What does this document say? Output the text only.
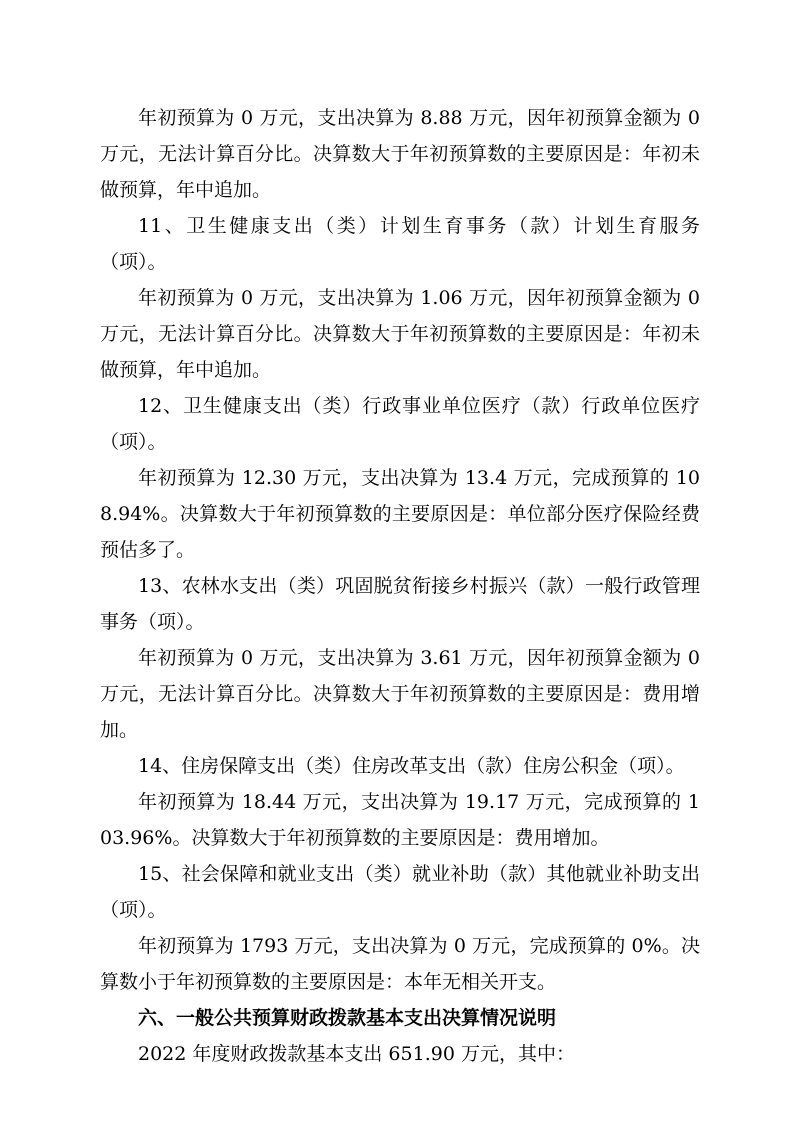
年初预算为 0 万元，支出决算为 8.88 万元，因年初预算金额为 0 万元，无法计算百分比。决算数大于年初预算数的主要原因是：年初未做预算，年中追加。

11、卫生健康支出（类）计划生育事务（款）计划生育服务（项）。

年初预算为 0 万元，支出决算为 1.06 万元，因年初预算金额为 0 万元，无法计算百分比。决算数大于年初预算数的主要原因是：年初未做预算，年中追加。

12、卫生健康支出（类）行政事业单位医疗（款）行政单位医疗（项）。

年初预算为 12.30 万元，支出决算为 13.4 万元，完成预算的 108.94%。决算数大于年初预算数的主要原因是：单位部分医疗保险经费预估多了。

13、农林水支出（类）巩固脱贫衔接乡村振兴（款）一般行政管理事务（项）。

年初预算为 0 万元，支出决算为 3.61 万元，因年初预算金额为 0 万元，无法计算百分比。决算数大于年初预算数的主要原因是：费用增加。

14、住房保障支出（类）住房改革支出（款）住房公积金（项）。

年初预算为 18.44 万元，支出决算为 19.17 万元，完成预算的 103.96%。决算数大于年初预算数的主要原因是：费用增加。

15、社会保障和就业支出（类）就业补助（款）其他就业补助支出（项）。

年初预算为 1793 万元，支出决算为 0 万元，完成预算的 0%。决算数小于年初预算数的主要原因是：本年无相关开支。

六、一般公共预算财政拨款基本支出决算情况说明

2022 年度财政拨款基本支出 651.90 万元，其中：
